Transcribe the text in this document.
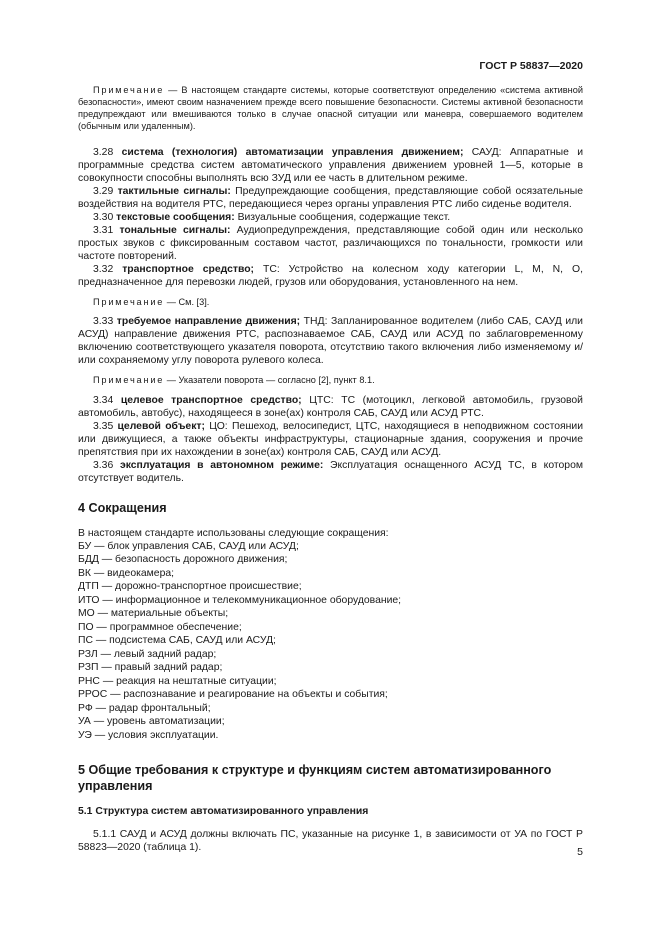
ГОСТ Р 58837—2020

Примечание — В настоящем стандарте системы, которые соответствуют определению «система активной безопасности», имеют своим назначением прежде всего повышение безопасности. Системы активной безопасности предупреждают или вмешиваются только в случае опасной ситуации или маневра, совершаемого водителем (обычным или удаленным).

3.28 система (технология) автоматизации управления движением; САУД: Аппаратные и программные средства систем автоматического управления движением уровней 1—5, которые в совокупности способны выполнять всю ЗУД или ее часть в длительном режиме.

3.29 тактильные сигналы: Предупреждающие сообщения, представляющие собой осязательные воздействия на водителя РТС, передающиеся через органы управления РТС либо сиденье водителя.

3.30 текстовые сообщения: Визуальные сообщения, содержащие текст.

3.31 тональные сигналы: Аудиопредупреждения, представляющие собой один или несколько простых звуков с фиксированным составом частот, различающихся по тональности, громкости или частоте повторений.

3.32 транспортное средство; ТС: Устройство на колесном ходу категории L, M, N, O, предназначенное для перевозки людей, грузов или оборудования, установленного на нем.

Примечание — См. [3].

3.33 требуемое направление движения; ТНД: Запланированное водителем (либо САБ, САУД или АСУД) направление движения РТС, распознаваемое САБ, САУД или АСУД по заблаговременному включению соответствующего указателя поворота, отсутствию такого включения либо изменяемому и/или сохраняемому углу поворота рулевого колеса.

Примечание — Указатели поворота — согласно [2], пункт 8.1.

3.34 целевое транспортное средство; ЦТС: ТС (мотоцикл, легковой автомобиль, грузовой автомобиль, автобус), находящееся в зоне(ах) контроля САБ, САУД или АСУД РТС.

3.35 целевой объект; ЦО: Пешеход, велосипедист, ЦТС, находящиеся в неподвижном состоянии или движущиеся, а также объекты инфраструктуры, стационарные здания, сооружения и прочие препятствия при их нахождении в зоне(ах) контроля САБ, САУД или АСУД.

3.36 эксплуатация в автономном режиме: Эксплуатация оснащенного АСУД ТС, в котором отсутствует водитель.

4 Сокращения

В настоящем стандарте использованы следующие сокращения:

БУ — блок управления САБ, САУД или АСУД;
БДД — безопасность дорожного движения;
ВК — видеокамера;
ДТП — дорожно-транспортное происшествие;
ИТО — информационное и телекоммуникационное оборудование;
МО — материальные объекты;
ПО — программное обеспечение;
ПС — подсистема САБ, САУД или АСУД;
РЗЛ — левый задний радар;
РЗП — правый задний радар;
РНС — реакция на нештатные ситуации;
РРОС — распознавание и реагирование на объекты и события;
РФ — радар фронтальный;
УА — уровень автоматизации;
УЭ — условия эксплуатации.
5 Общие требования к структуре и функциям систем автоматизированного управления
5.1 Структура систем автоматизированного управления

5.1.1 САУД и АСУД должны включать ПС, указанные на рисунке 1, в зависимости от УА по ГОСТ Р 58823—2020 (таблица 1).	5
